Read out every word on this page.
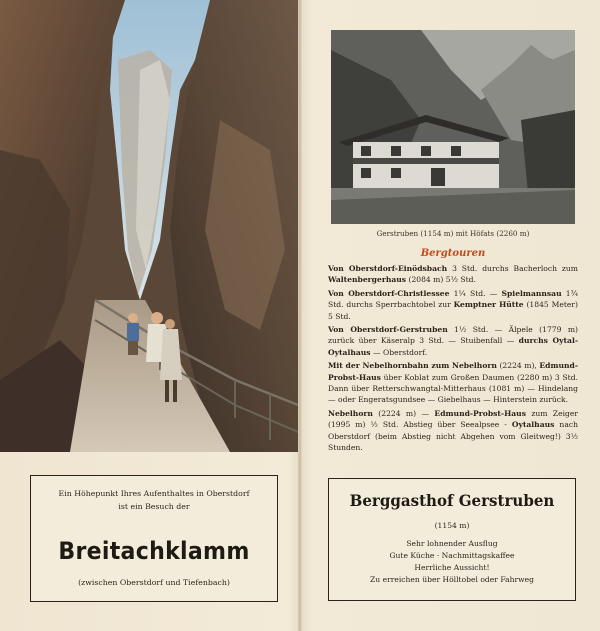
Gerstruben (1154 m) mit Höfats (2260 m)
Bergtouren

Von Oberstdorf-Einödsbach 3 Std. durchs Bacherloch zum Waltenbergerhaus (2084 m) 5½ Std.

Von Oberstdorf-Christlessee 1¼ Std. — Spielmannsau 1¾ Std. durchs Sperrbachtobel zur Kemptner Hütte (1845 Meter) 5 Std.

Von Oberstdorf-Gerstruben 1½ Std. — Älpele (1779 m) zurück über Käseralp 3 Std. — Stuibenfall — durchs Oytal-Oytalhaus — Oberstdorf.

Mit der Nebelhornbahn zum Nebelhorn (2224 m), Edmund-Probst-Haus über Koblat zum Großen Daumen (2280 m) 3 Std. Dann über Retterschwangtal-Mitterhaus (1081 m) — Hindelang — oder Engeratsgundsee — Giebelhaus — Hinterstein zurück.

Nebelhorn (2224 m) — Edmund-Probst-Haus zum Zeiger (1995 m) ½ Std. Abstieg über Seealpsee - Oytalhaus nach Oberstdorf (beim Abstieg nicht Abgehen vom Gleitweg!) 3½ Stunden.

Ein Höhepunkt Ihres Aufenthaltes in Oberstdorf
ist ein Besuch der
Breitachklamm
(zwischen Oberstdorf und Tiefenbach)
Berggasthof Gerstruben
(1154 m)
Sehr lohnender Ausflug
Gute Küche · Nachmittagskaffee
Herrliche Aussicht!
Zu erreichen über Hölltobel oder Fahrweg
